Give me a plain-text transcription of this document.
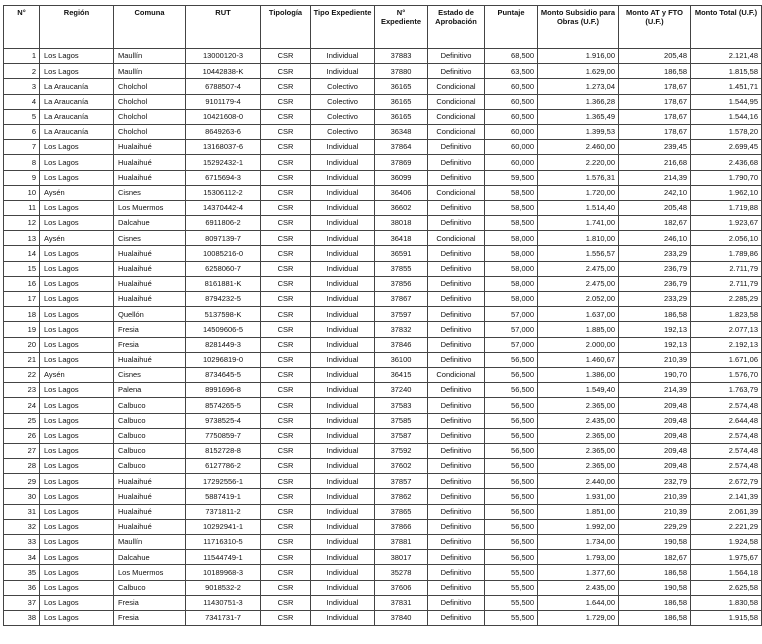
N°	Región	Comuna	RUT	Tipología	Tipo Expediente	N° Expediente	Estado de Aprobación	Puntaje	Monto Subsidio para Obras (U.F.)	Monto AT y FTO (U.F.)	Monto Total (U.F.)
1	Los Lagos	Maullín	13000120-3	CSR	Individual	37883	Definitivo	68,500	1.916,00	205,48	2.121,48
2	Los Lagos	Maullín	10442838-K	CSR	Individual	37880	Definitivo	63,500	1.629,00	186,58	1.815,58
3	La Araucanía	Cholchol	6788507-4	CSR	Colectivo	36165	Condicional	60,500	1.273,04	178,67	1.451,71
4	La Araucanía	Cholchol	9101179-4	CSR	Colectivo	36165	Condicional	60,500	1.366,28	178,67	1.544,95
5	La Araucanía	Cholchol	10421608-0	CSR	Colectivo	36165	Condicional	60,500	1.365,49	178,67	1.544,16
6	La Araucanía	Cholchol	8649263-6	CSR	Colectivo	36348	Condicional	60,000	1.399,53	178,67	1.578,20
7	Los Lagos	Hualaihué	13168037-6	CSR	Individual	37864	Definitivo	60,000	2.460,00	239,45	2.699,45
8	Los Lagos	Hualaihué	15292432-1	CSR	Individual	37869	Definitivo	60,000	2.220,00	216,68	2.436,68
9	Los Lagos	Hualaihué	6715694-3	CSR	Individual	36099	Definitivo	59,500	1.576,31	214,39	1.790,70
10	Aysén	Cisnes	15306112-2	CSR	Individual	36406	Condicional	58,500	1.720,00	242,10	1.962,10
11	Los Lagos	Los Muermos	14370442-4	CSR	Individual	36602	Definitivo	58,500	1.514,40	205,48	1.719,88
12	Los Lagos	Dalcahue	6911806-2	CSR	Individual	38018	Definitivo	58,500	1.741,00	182,67	1.923,67
13	Aysén	Cisnes	8097139-7	CSR	Individual	36418	Condicional	58,000	1.810,00	246,10	2.056,10
14	Los Lagos	Hualaihué	10085216-0	CSR	Individual	36591	Definitivo	58,000	1.556,57	233,29	1.789,86
15	Los Lagos	Hualaihué	6258060-7	CSR	Individual	37855	Definitivo	58,000	2.475,00	236,79	2.711,79
16	Los Lagos	Hualaihué	8161881-K	CSR	Individual	37856	Definitivo	58,000	2.475,00	236,79	2.711,79
17	Los Lagos	Hualaihué	8794232-5	CSR	Individual	37867	Definitivo	58,000	2.052,00	233,29	2.285,29
18	Los Lagos	Quellón	5137598-K	CSR	Individual	37597	Definitivo	57,000	1.637,00	186,58	1.823,58
19	Los Lagos	Fresia	14509606-5	CSR	Individual	37832	Definitivo	57,000	1.885,00	192,13	2.077,13
20	Los Lagos	Fresia	8281449-3	CSR	Individual	37846	Definitivo	57,000	2.000,00	192,13	2.192,13
21	Los Lagos	Hualaihué	10296819-0	CSR	Individual	36100	Definitivo	56,500	1.460,67	210,39	1.671,06
22	Aysén	Cisnes	8734645-5	CSR	Individual	36415	Condicional	56,500	1.386,00	190,70	1.576,70
23	Los Lagos	Palena	8991696-8	CSR	Individual	37240	Definitivo	56,500	1.549,40	214,39	1.763,79
24	Los Lagos	Calbuco	8574265-5	CSR	Individual	37583	Definitivo	56,500	2.365,00	209,48	2.574,48
25	Los Lagos	Calbuco	9738525-4	CSR	Individual	37585	Definitivo	56,500	2.435,00	209,48	2.644,48
26	Los Lagos	Calbuco	7750859-7	CSR	Individual	37587	Definitivo	56,500	2.365,00	209,48	2.574,48
27	Los Lagos	Calbuco	8152728-8	CSR	Individual	37592	Definitivo	56,500	2.365,00	209,48	2.574,48
28	Los Lagos	Calbuco	6127786-2	CSR	Individual	37602	Definitivo	56,500	2.365,00	209,48	2.574,48
29	Los Lagos	Hualaihué	17292556-1	CSR	Individual	37857	Definitivo	56,500	2.440,00	232,79	2.672,79
30	Los Lagos	Hualaihué	5887419-1	CSR	Individual	37862	Definitivo	56,500	1.931,00	210,39	2.141,39
31	Los Lagos	Hualaihué	7371811-2	CSR	Individual	37865	Definitivo	56,500	1.851,00	210,39	2.061,39
32	Los Lagos	Hualaihué	10292941-1	CSR	Individual	37866	Definitivo	56,500	1.992,00	229,29	2.221,29
33	Los Lagos	Maullín	11716310-5	CSR	Individual	37881	Definitivo	56,500	1.734,00	190,58	1.924,58
34	Los Lagos	Dalcahue	11544749-1	CSR	Individual	38017	Definitivo	56,500	1.793,00	182,67	1.975,67
35	Los Lagos	Los Muermos	10189968-3	CSR	Individual	35278	Definitivo	55,500	1.377,60	186,58	1.564,18
36	Los Lagos	Calbuco	9018532-2	CSR	Individual	37606	Definitivo	55,500	2.435,00	190,58	2.625,58
37	Los Lagos	Fresia	11430751-3	CSR	Individual	37831	Definitivo	55,500	1.644,00	186,58	1.830,58
38	Los Lagos	Fresia	7341731-7	CSR	Individual	37840	Definitivo	55,500	1.729,00	186,58	1.915,58
